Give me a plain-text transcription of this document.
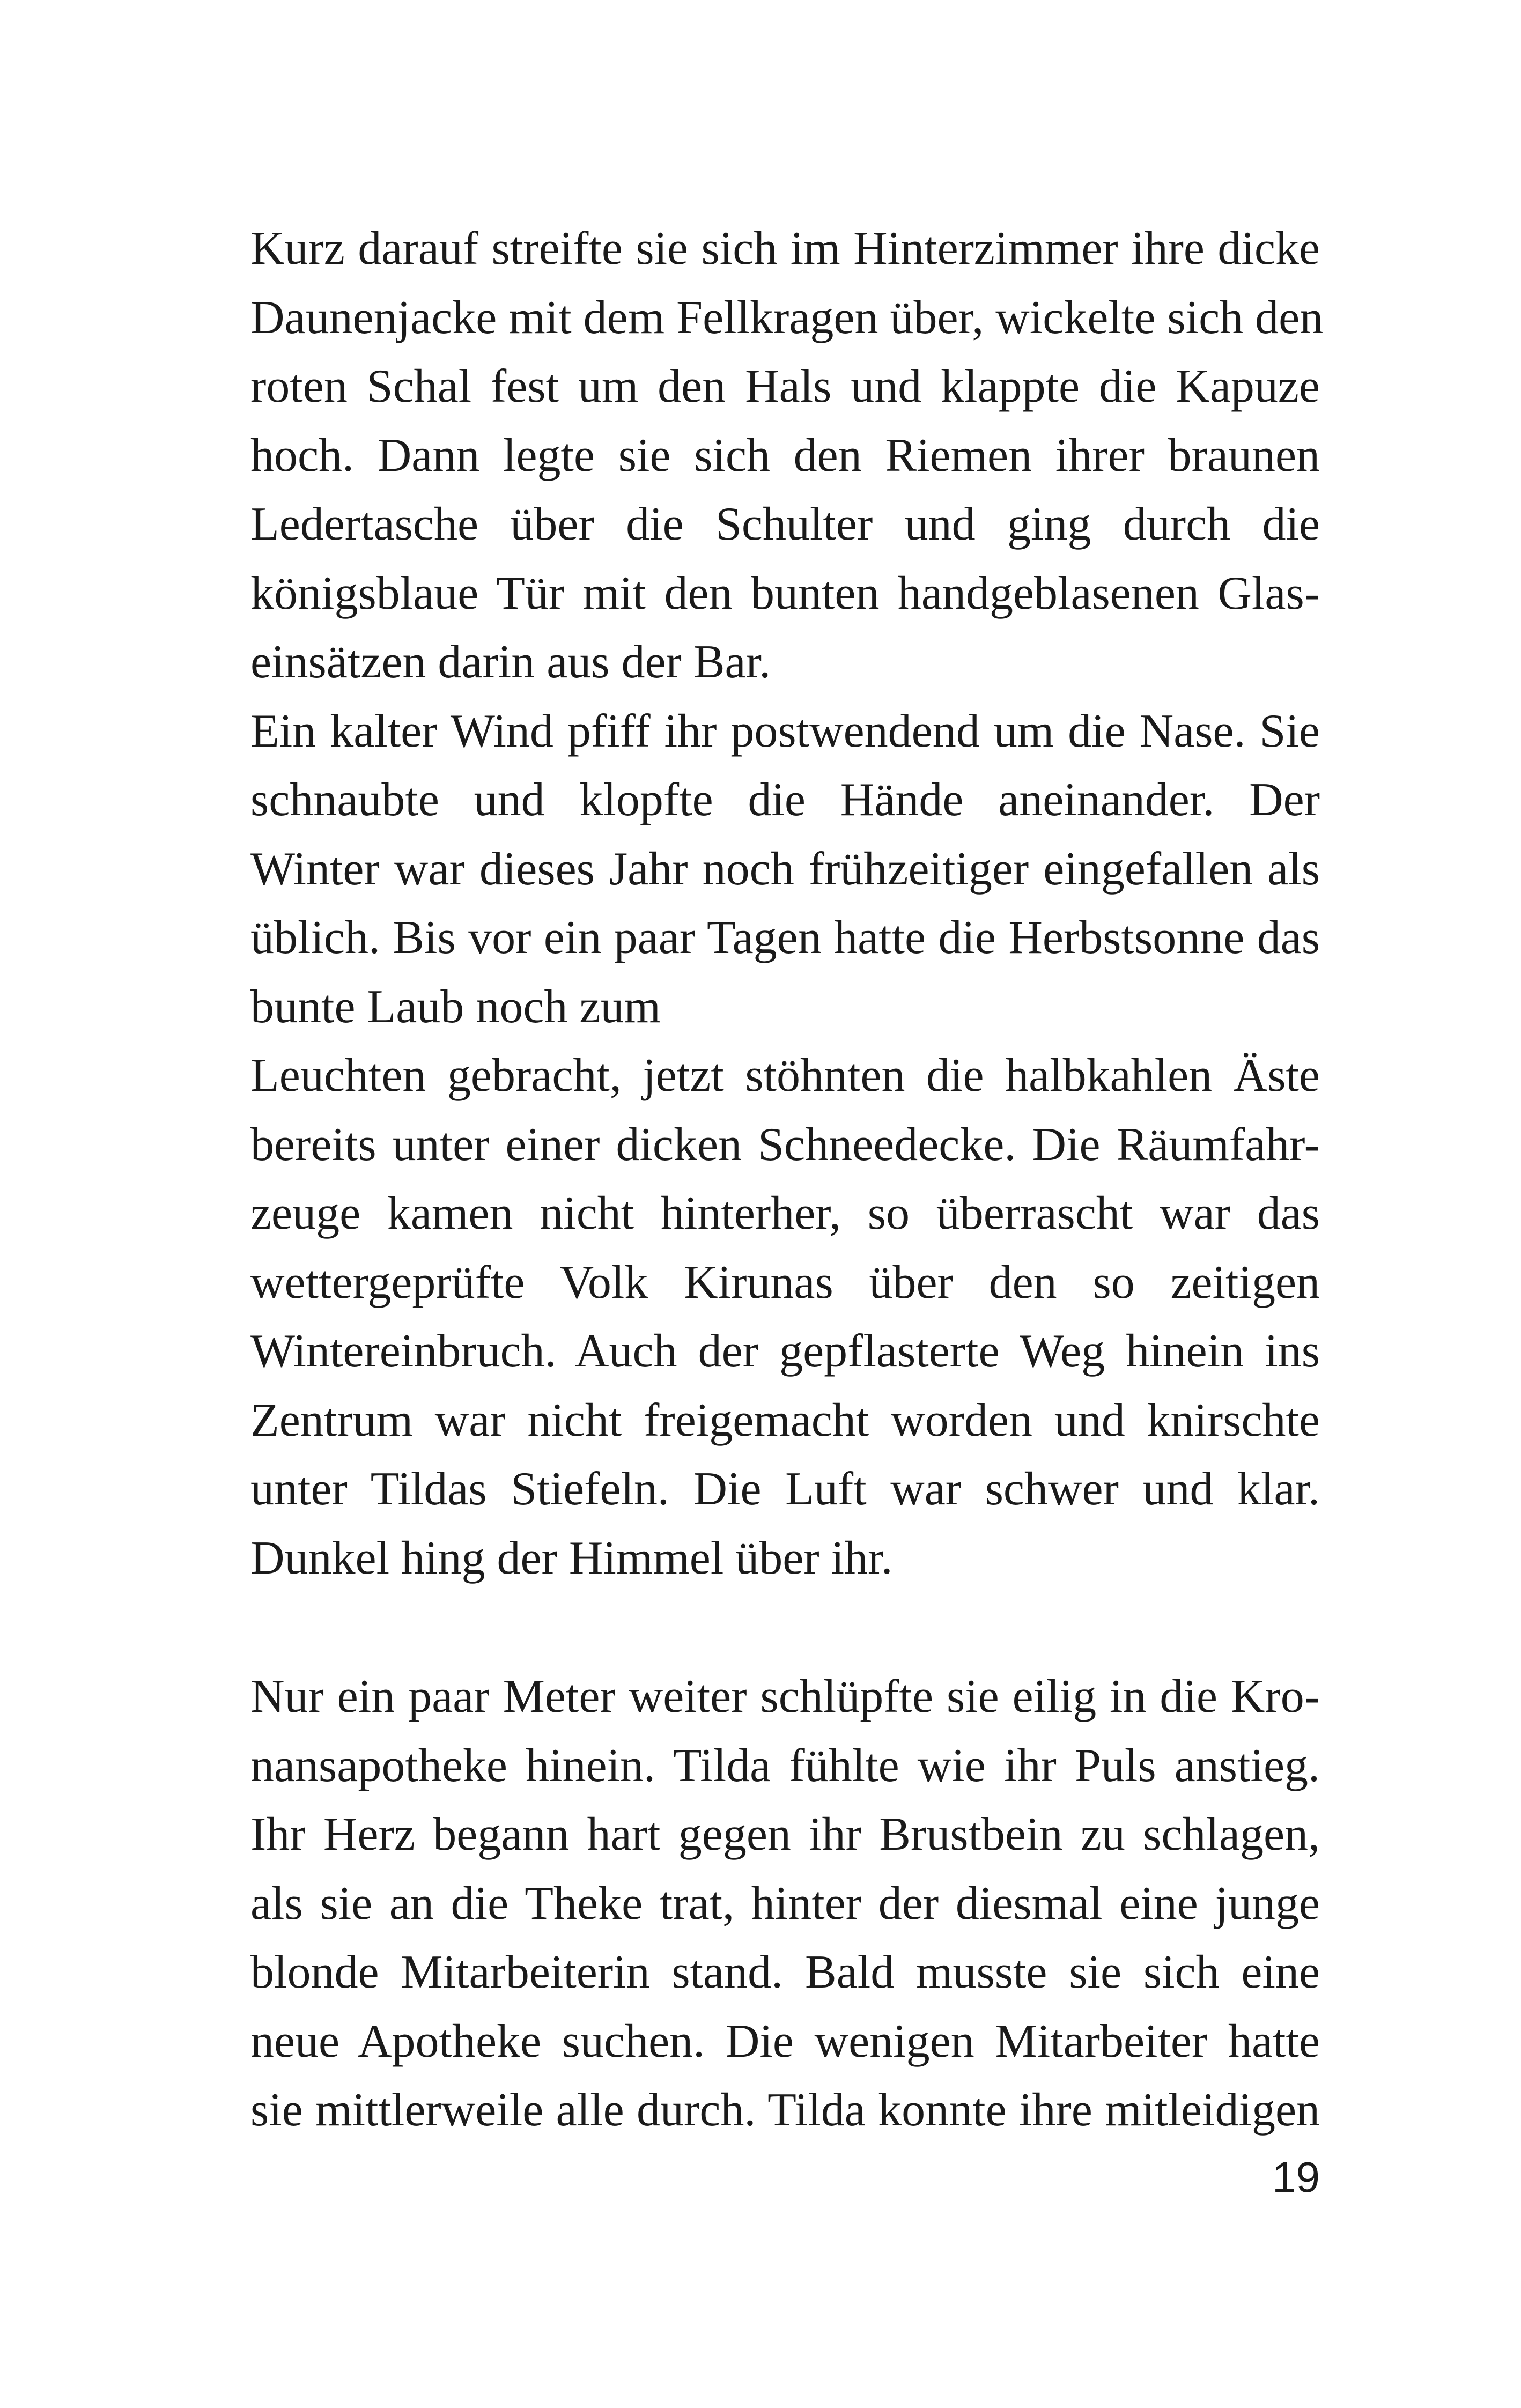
Kurz darauf streifte sie sich im Hinterzimmer ihre dicke
Daunenjacke mit dem Fellkragen über, wickelte sich den
roten Schal fest um den Hals und klappte die Kapuze
hoch. Dann legte sie sich den Riemen ihrer braunen
Ledertasche über die Schulter und ging durch die
königsblaue Tür mit den bunten handgeblasenen Glas-
einsätzen darin aus der Bar.
Ein kalter Wind pfiff ihr postwendend um die Nase. Sie
schnaubte und klopfte die Hände aneinander. Der
Winter war dieses Jahr noch frühzeitiger eingefallen als
üblich. Bis vor ein paar Tagen hatte die Herbstsonne das
bunte Laub noch zum
Leuchten gebracht, jetzt stöhnten die halbkahlen Äste
bereits unter einer dicken Schneedecke. Die Räumfahr-
zeuge kamen nicht hinterher, so überrascht war das
wettergeprüfte Volk Kirunas über den so zeitigen
Wintereinbruch. Auch der gepflasterte Weg hinein ins
Zentrum war nicht freigemacht worden und knirschte
unter Tildas Stiefeln. Die Luft war schwer und klar.
Dunkel hing der Himmel über ihr.
Nur ein paar Meter weiter schlüpfte sie eilig in die Kro-
nansapotheke hinein. Tilda fühlte wie ihr Puls anstieg.
Ihr Herz begann hart gegen ihr Brustbein zu schlagen,
als sie an die Theke trat, hinter der diesmal eine junge
blonde Mitarbeiterin stand. Bald musste sie sich eine
neue Apotheke suchen. Die wenigen Mitarbeiter hatte
sie mittlerweile alle durch. Tilda konnte ihre mitleidigen
19
